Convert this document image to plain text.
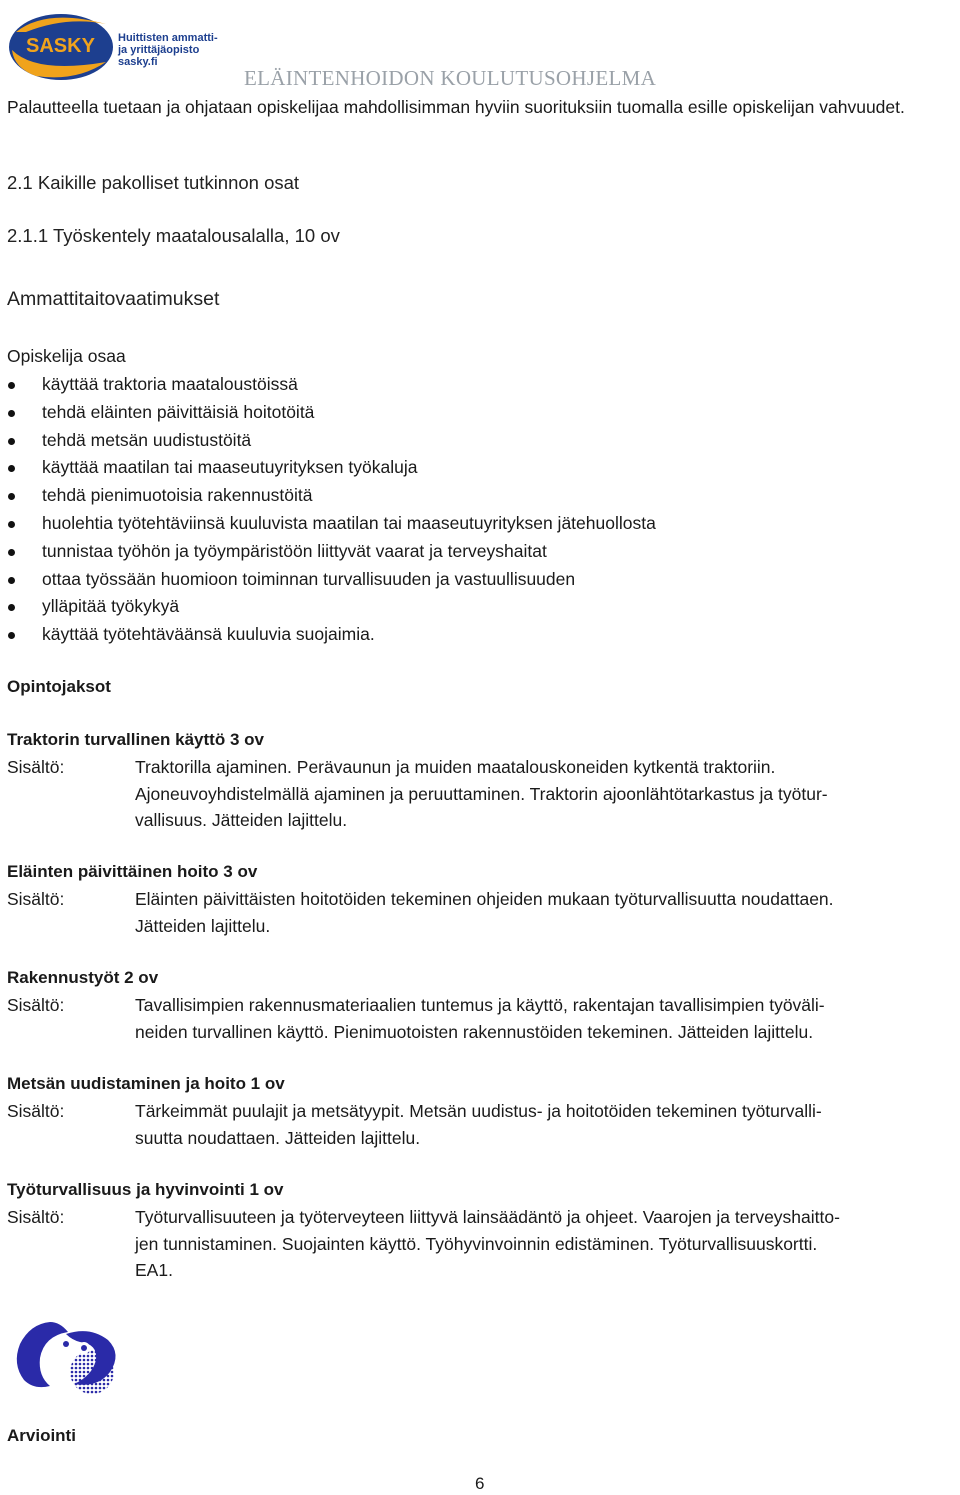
SASKY Huittisten ammatti-
ja yrittäjäopisto
sasky.fi
ELÄINTENHOIDON KOULUTUSOHJELMA
Palautteella tuetaan ja ohjataan opiskelijaa mahdollisimman hyviin suorituksiin tuomalla esille opiskelijan vahvuudet.
2.1 Kaikille pakolliset tutkinnon osat
2.1.1 Työskentely maatalousalalla, 10 ov
Ammattitaitovaatimukset
Opiskelija osaa
käyttää traktoria maataloustöissä
tehdä eläinten päivittäisiä hoitotöitä
tehdä metsän uudistustöitä
käyttää maatilan tai maaseutuyrityksen työkaluja
tehdä pienimuotoisia rakennustöitä
huolehtia työtehtäviinsä kuuluvista maatilan tai maaseutuyrityksen jätehuollosta
tunnistaa työhön ja työympäristöön liittyvät vaarat ja terveyshaitat
ottaa työssään huomioon toiminnan turvallisuuden ja vastuullisuuden
ylläpitää työkykyä
käyttää työtehtäväänsä kuuluvia suojaimia.
Opintojaksot
Traktorin turvallinen käyttö 3 ov
Sisältö:	Traktorilla ajaminen. Perävaunun ja muiden maatalouskoneiden kytkentä traktoriin.
Ajoneuvoyhdistelmällä ajaminen ja peruuttaminen. Traktorin ajoonlähtötarkastus ja työtur-
vallisuus. Jätteiden lajittelu.
Eläinten päivittäinen hoito 3 ov
Sisältö:	Eläinten päivittäisten hoitotöiden tekeminen ohjeiden mukaan työturvallisuutta noudattaen.
Jätteiden lajittelu.
Rakennustyöt 2 ov
Sisältö:	Tavallisimpien rakennusmateriaalien tuntemus ja käyttö, rakentajan tavallisimpien työväli-
neiden turvallinen käyttö. Pienimuotoisten rakennustöiden tekeminen. Jätteiden lajittelu.
Metsän uudistaminen ja hoito 1 ov
Sisältö:	Tärkeimmät puulajit ja metsätyypit. Metsän uudistus- ja hoitotöiden tekeminen työturvalli-
suutta noudattaen. Jätteiden lajittelu.
Työturvallisuus ja hyvinvointi 1 ov
Sisältö:	Työturvallisuuteen ja työterveyteen liittyvä lainsäädäntö ja ohjeet. Vaarojen ja terveyshaitto-
jen tunnistaminen. Suojainten käyttö. Työhyvinvoinnin edistäminen. Työturvallisuuskortti.
EA1.
Arviointi
6
